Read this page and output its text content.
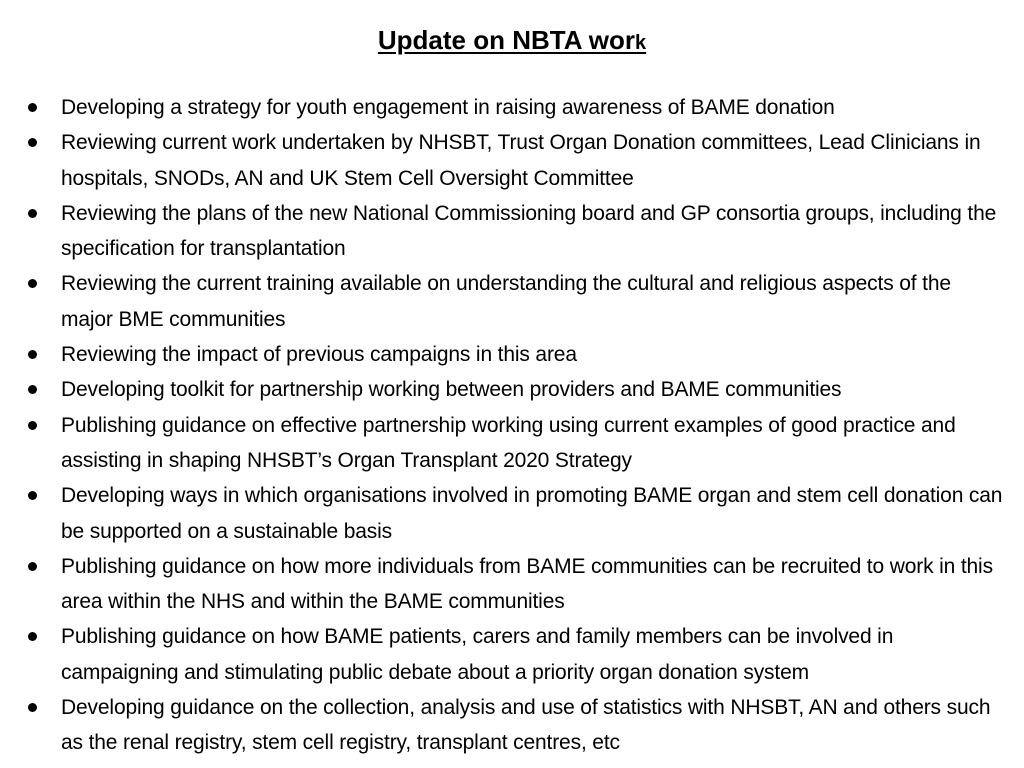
Update on NBTA work
Developing a strategy for youth engagement in raising awareness of BAME donation
Reviewing current work undertaken by NHSBT, Trust Organ Donation committees, Lead Clinicians in hospitals, SNODs, AN and UK Stem Cell Oversight Committee
Reviewing the plans of the new National Commissioning board and GP consortia groups, including the specification for transplantation
Reviewing the current training available on understanding the cultural and religious aspects of the major BME communities
Reviewing the impact of previous campaigns in this area
Developing toolkit for partnership working between providers and BAME communities
Publishing guidance on effective partnership working using current examples of good practice and assisting in shaping NHSBT’s Organ Transplant 2020 Strategy
Developing ways in which organisations involved in promoting BAME organ and stem cell donation can be supported on a sustainable basis
Publishing guidance on how more individuals from BAME communities can be recruited to work in this area within the NHS and within the BAME communities
Publishing guidance on how BAME patients, carers and family members can be involved in campaigning and stimulating public debate about a priority organ donation system
Developing guidance on the collection, analysis and use of statistics with NHSBT, AN and others such as the renal registry, stem cell registry, transplant centres, etc
